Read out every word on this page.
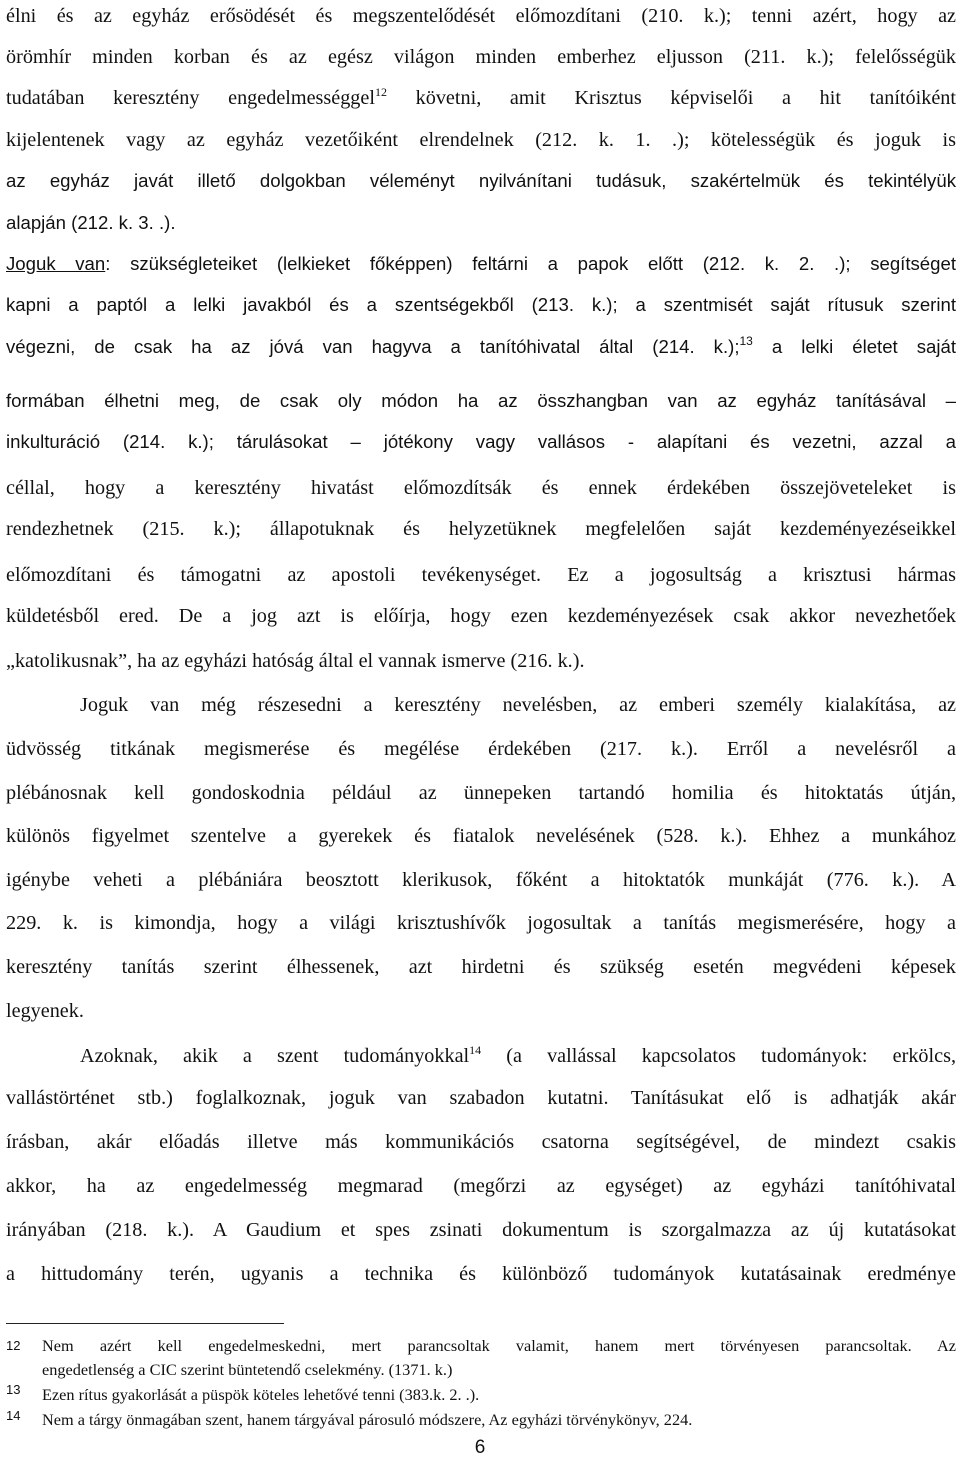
élni és az egyház erősödését és megszentelődését előmozdítani (210. k.); tenni azért, hogy az
örömhír minden korban és az egész világon minden emberhez eljusson (211. k.); felelősségük
tudatában keresztény engedelmességgel$^{12}$ követni, amit Krisztus képviselői a hit tanítóiként
kijelentenek vagy az egyház vezetőiként elrendelnek (212. k. 1. .); kötelességük és joguk is
az egyház javát illető dolgokban véleményt nyilvánítani tudásuk, szakértelmük és tekintélyük
alapján (212. k. 3. .).
Joguk van: szükségleteiket (lelkieket főképpen) feltárni a papok előtt (212. k. 2. .); segítséget
kapni a paptól a lelki javakból és a szentségekből (213. k.); a szentmisét saját rítusuk szerint
végezni, de csak ha az jóvá van hagyva a tanítóhivatal által (214. k.);$^{13}$ a lelki életet saját
formában élhetni meg, de csak oly módon ha az összhangban van az egyház tanításával –
inkulturáció (214. k.); tárulásokat – jótékony vagy vallásos - alapítani és vezetni, azzal a
céllal, hogy a keresztény hivatást előmozdítsák és ennek érdekében összejöveteleket is
rendezhetnek (215. k.); állapotuknak és helyzetüknek megfelelően saját kezdeményezéseikkel
előmozdítani és támogatni az apostoli tevékenységet. Ez a jogosultság a krisztusi hármas
küldetésből ered. De a jog azt is előírja, hogy ezen kezdeményezések csak akkor nevezhetőek
„katolikusnak”, ha az egyházi hatóság által el vannak ismerve (216. k.).
Joguk van még részesedni a keresztény nevelésben, az emberi személy kialakítása, az
üdvösség titkának megismerése és megélése érdekében (217. k.). Erről a nevelésről a
plébánosnak kell gondoskodnia például az ünnepeken tartandó homilia és hitoktatás útján,
különös figyelmet szentelve a gyerekek és fiatalok nevelésének (528. k.). Ehhez a munkához
igénybe veheti a plébániára beosztott klerikusok, főként a hitoktatók munkáját (776. k.). A
229. k. is kimondja, hogy a világi krisztushívők jogosultak a tanítás megismerésére, hogy a
keresztény tanítás szerint élhessenek, azt hirdetni és szükség esetén megvédeni képesek
legyenek.
Azoknak, akik a szent tudományokkal$^{14}$ (a vallással kapcsolatos tudományok: erkölcs,
vallástörténet stb.) foglalkoznak, joguk van szabadon kutatni. Tanításukat elő is adhatják akár
írásban, akár előadás illetve más kommunikációs csatorna segítségével, de mindezt csakis
akkor, ha az engedelmesség megmarad (megőrzi az egységet) az egyházi tanítóhivatal
irányában (218. k.). A Gaudium et spes zsinati dokumentum is szorgalmazza az új kutatásokat
a hittudomány terén, ugyanis a technika és különböző tudományok kutatásainak eredménye
12 Nem azért kell engedelmeskedni, mert parancsoltak valamit, hanem mert törvényesen parancsoltak. Az
engedetlenség a CIC szerint büntetendő cselekmény. (1371. k.)
13 Ezen rítus gyakorlását a püspök köteles lehetővé tenni (383.k. 2. .).
14 Nem a tárgy önmagában szent, hanem tárgyával párosuló módszere, Az egyházi törvénykönyv, 224.
6
